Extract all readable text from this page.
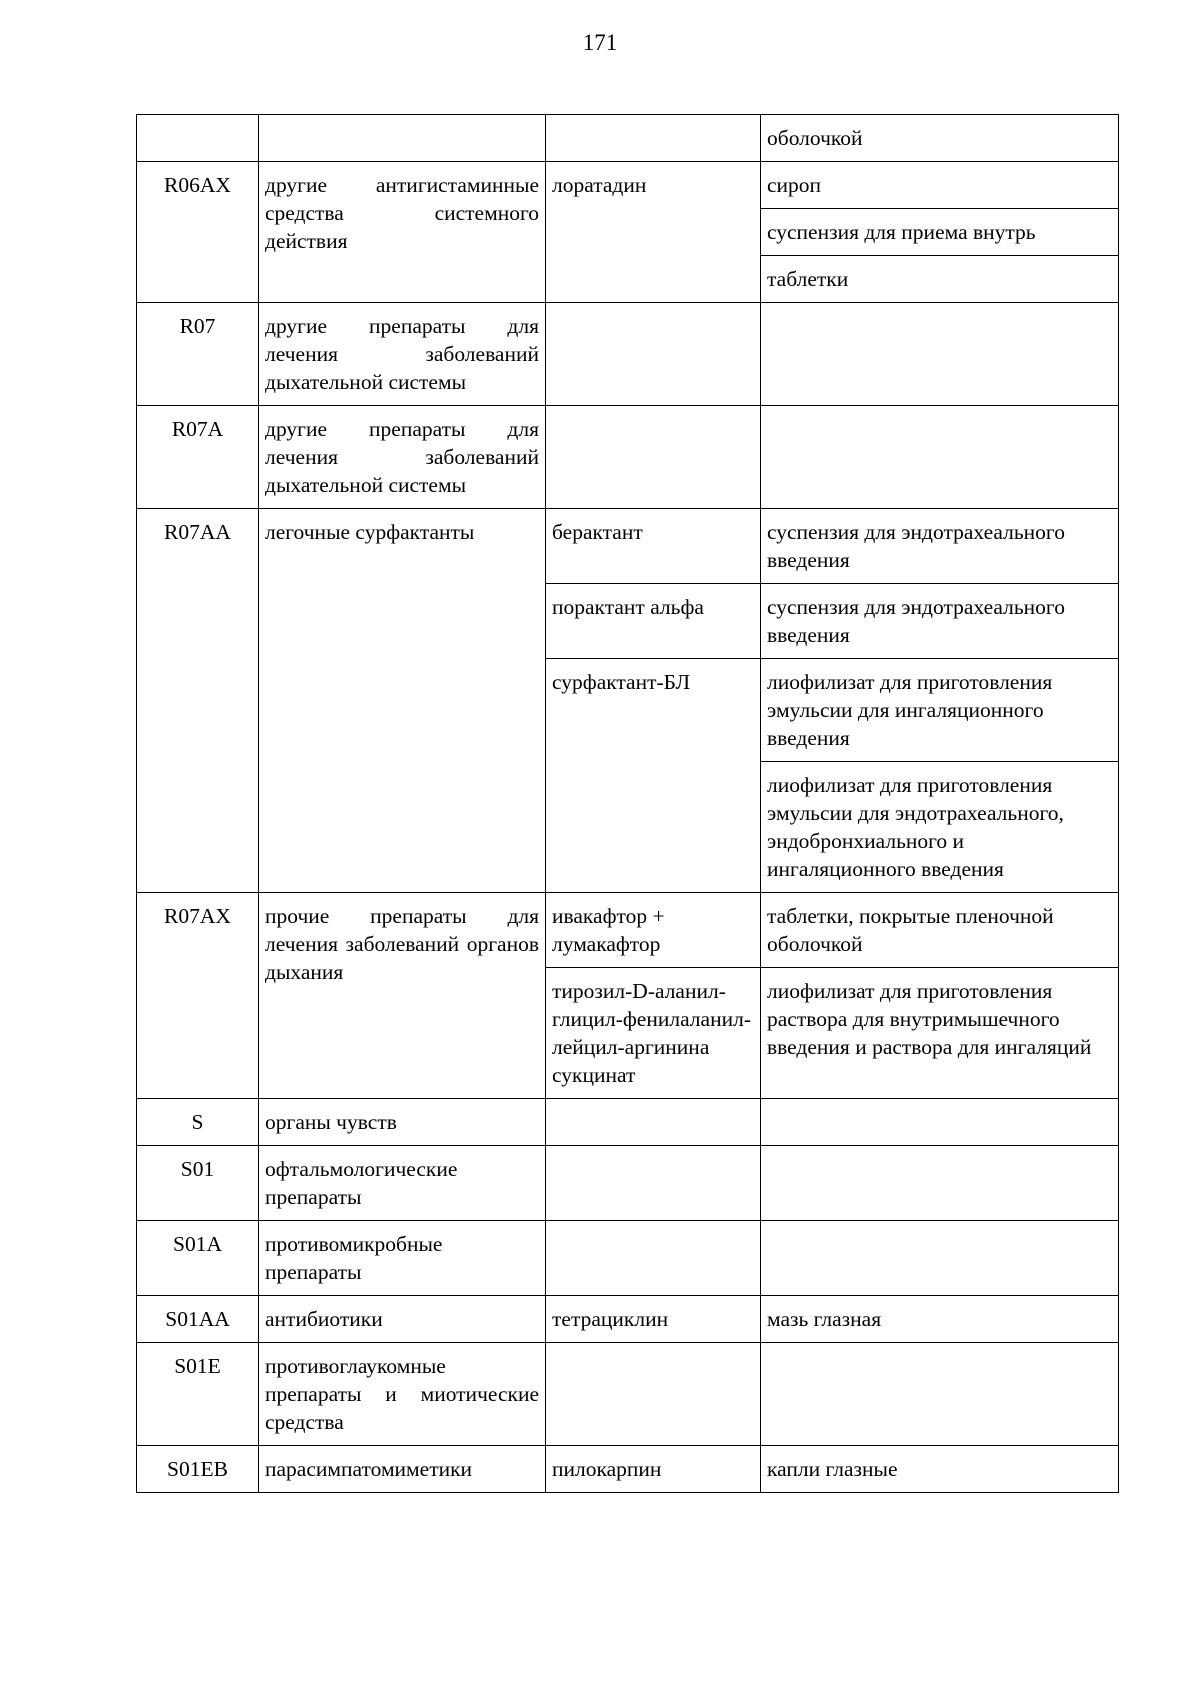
171
			оболочкой
R06AX	другие антигистаминные средства системного действия	лоратадин	сироп
			суспензия для приема внутрь
			таблетки
R07	другие препараты для лечения заболеваний дыхательной системы		
R07A	другие препараты для лечения заболеваний дыхательной системы		
R07AA	легочные сурфактанты	берактант	суспензия для эндотрахеального введения
		порактант альфа	суспензия для эндотрахеального введения
		сурфактант-БЛ	лиофилизат для приготовления эмульсии для ингаляционного введения
			лиофилизат для приготовления эмульсии для эндотрахеального, эндобронхиального и ингаляционного введения
R07AX	прочие препараты для лечения заболеваний органов дыхания	ивакафтор + лумакафтор	таблетки, покрытые пленочной оболочкой
		тирозил-D-аланил-глицил-фенилаланил-лейцил-аргинина сукцинат	лиофилизат для приготовления раствора для внутримышечного введения и раствора для ингаляций
S	органы чувств		
S01	офтальмологические препараты		
S01A	противомикробные препараты		
S01AA	антибиотики	тетрациклин	мазь глазная
S01E	противоглаукомные препараты и миотические средства		
S01EB	парасимпатомиметики	пилокарпин	капли глазные
